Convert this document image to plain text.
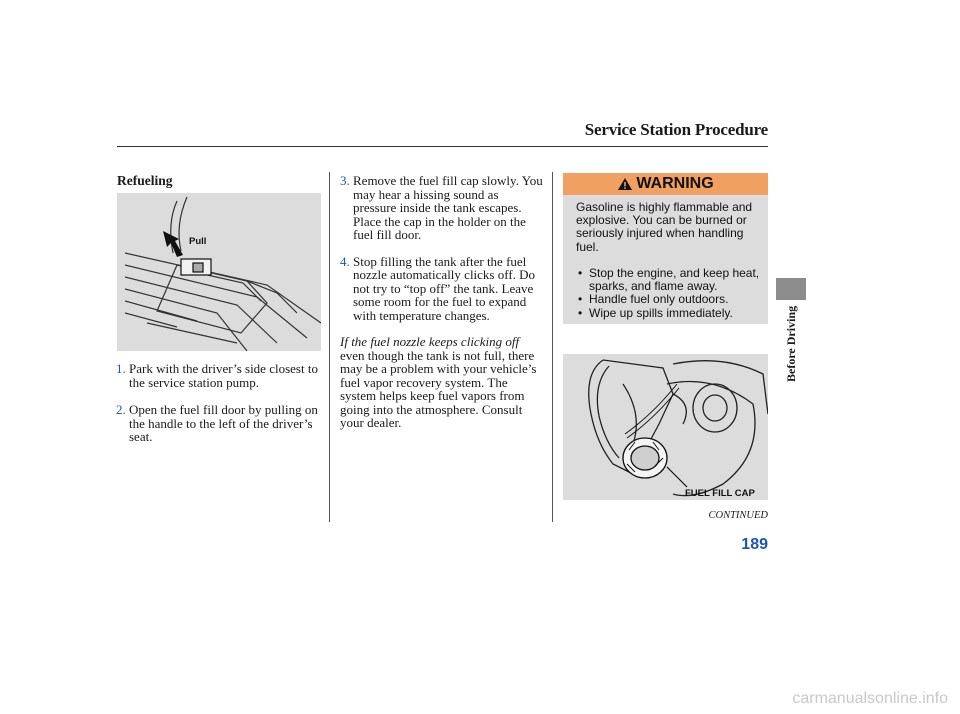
Service Station Procedure
Before Driving
Refueling
Pull
1. Park with the driver’s side closest to the service station pump.
2. Open the fuel fill door by pulling on the handle to the left of the driver’s seat.
3. Remove the fuel fill cap slowly. You may hear a hissing sound as pressure inside the tank escapes. Place the cap in the holder on the fuel fill door.
4. Stop filling the tank after the fuel nozzle automatically clicks off. Do not try to “top off” the tank. Leave some room for the fuel to expand with temperature changes.
If the fuel nozzle keeps clicking off even though the tank is not full, there may be a problem with your vehicle’s fuel vapor recovery system. The system helps keep fuel vapors from going into the atmosphere. Consult your dealer.
WARNING
Gasoline is highly flammable and explosive. You can be burned or seriously injured when handling fuel.
• Stop the engine, and keep heat, sparks, and flame away.
• Handle fuel only outdoors.
• Wipe up spills immediately.
FUEL FILL CAP
CONTINUED
189
carmanualsonline.info
